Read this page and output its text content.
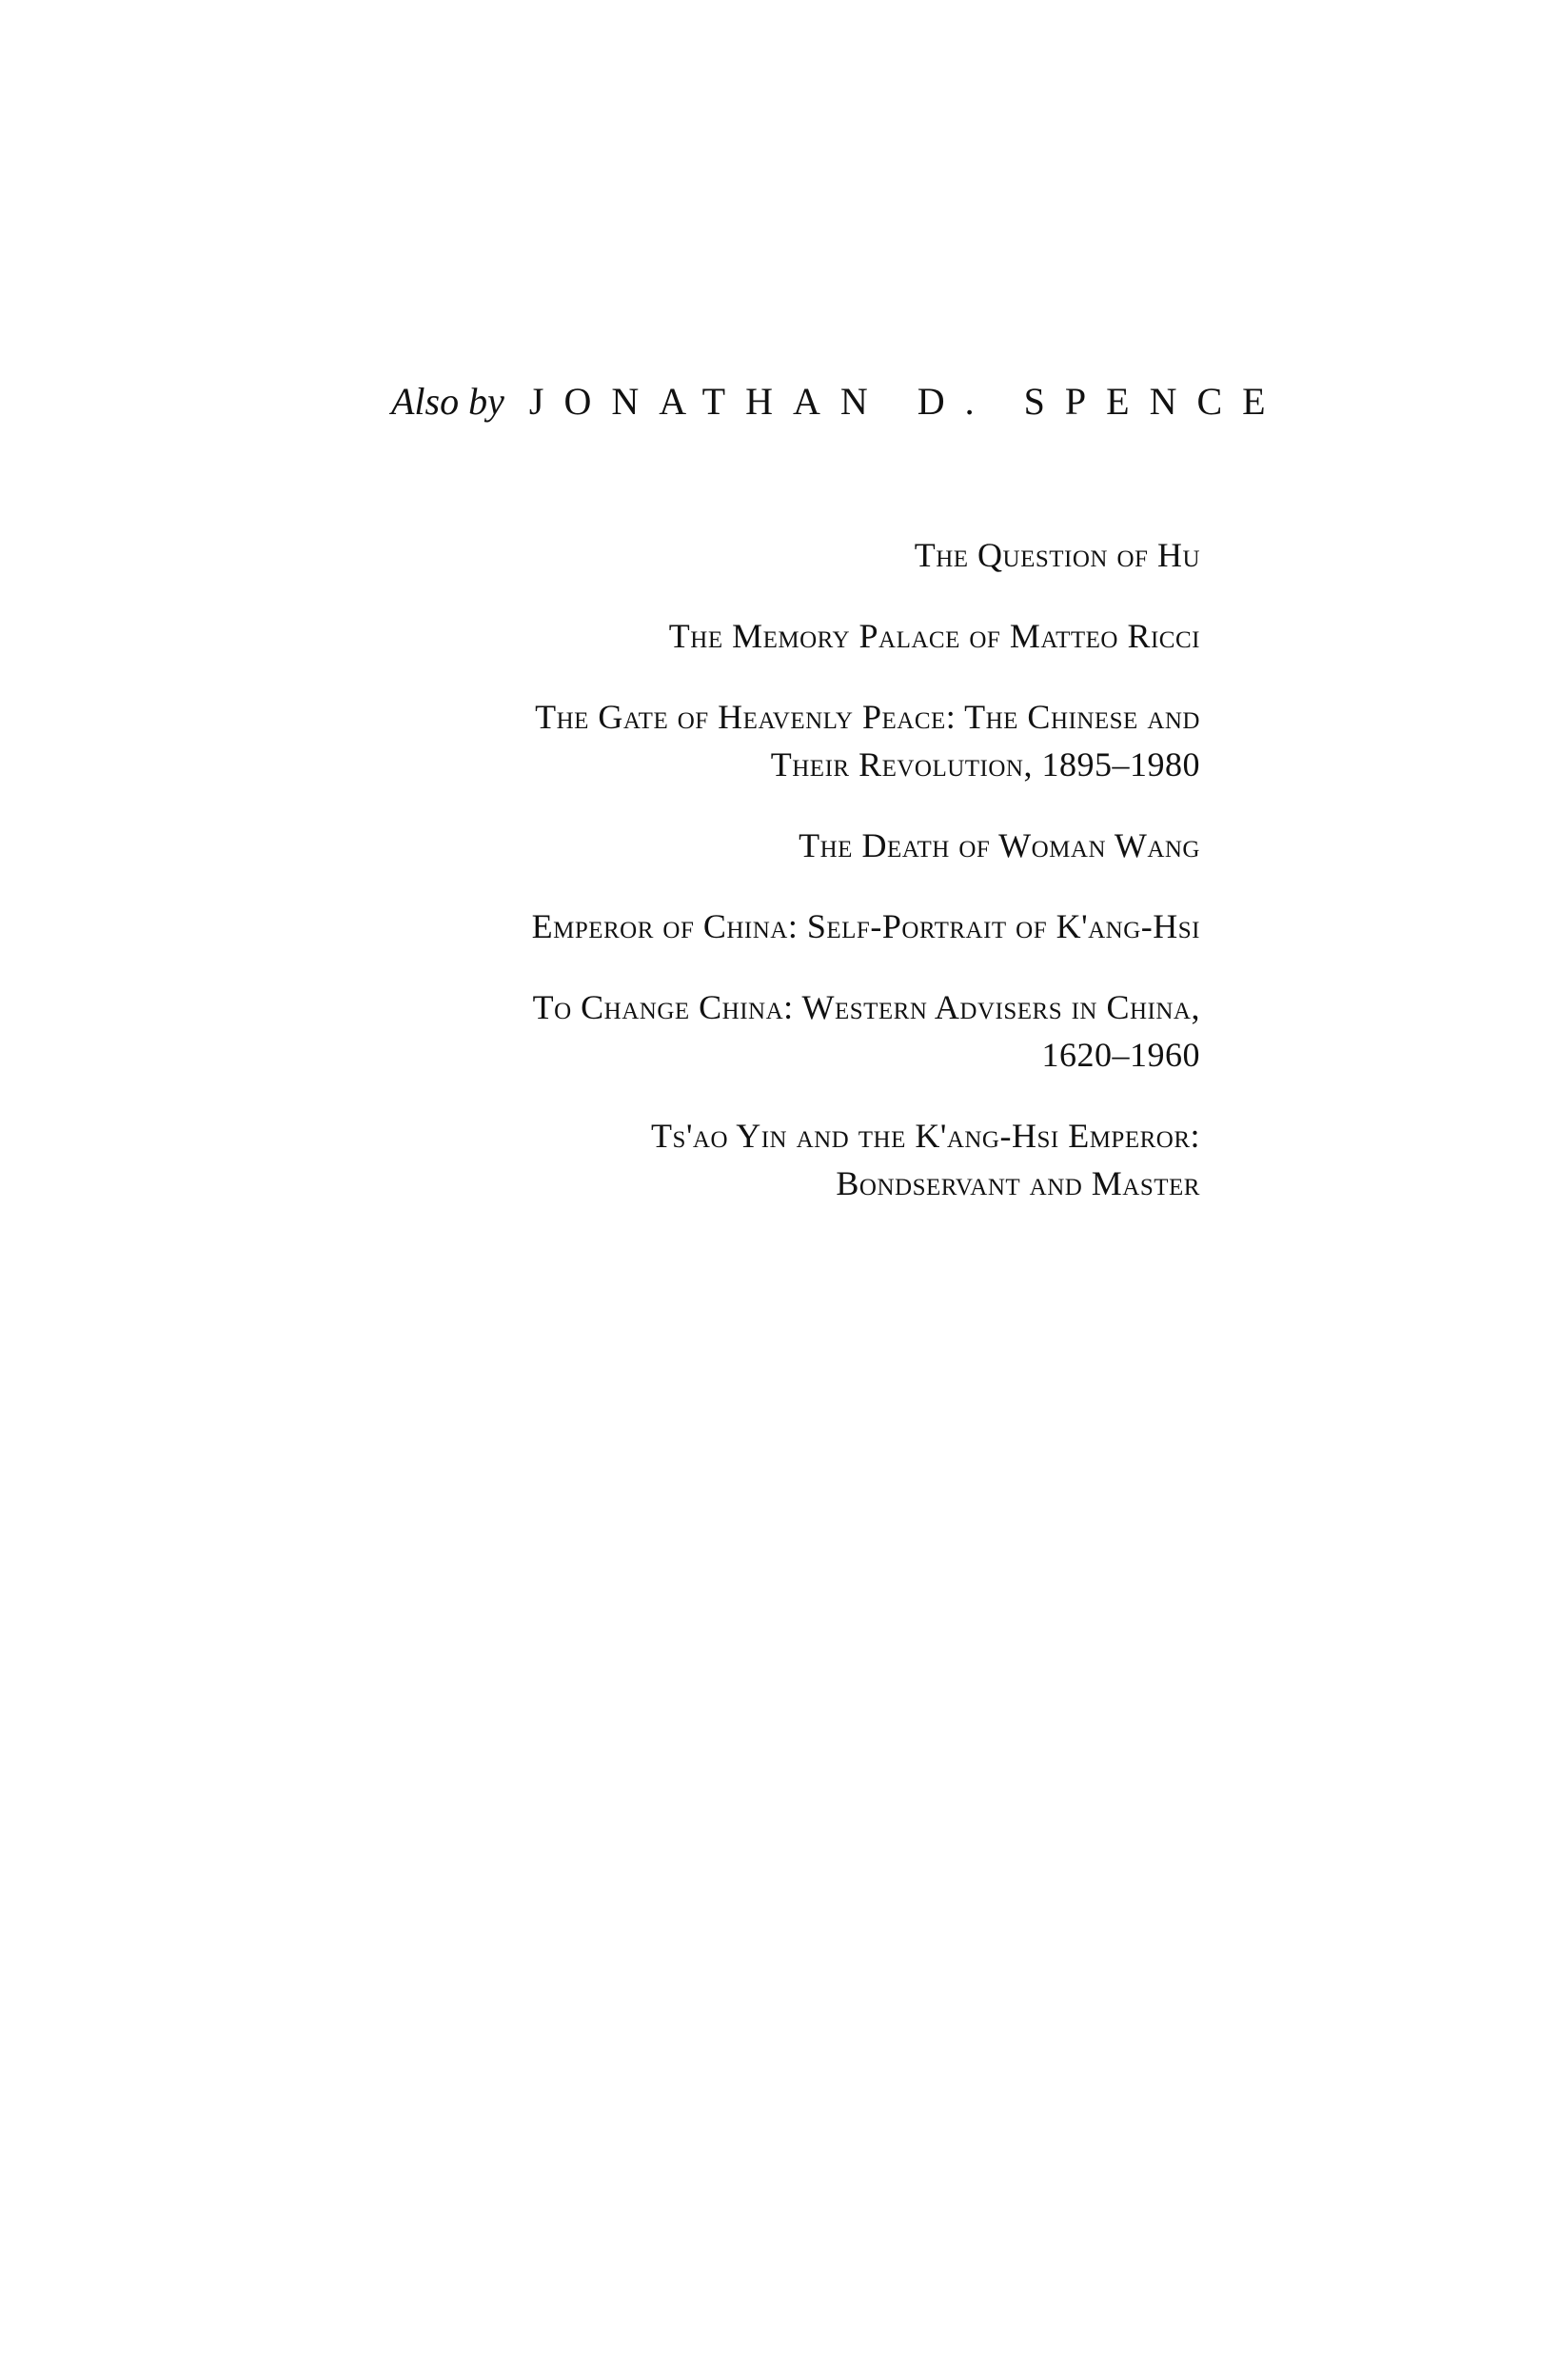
Also by JONATHAN D. SPENCE
The Question of Hu
The Memory Palace of Matteo Ricci
The Gate of Heavenly Peace: The Chinese and
Their Revolution, 1895–1980
The Death of Woman Wang
Emperor of China: Self-Portrait of K'ang-Hsi
To Change China: Western Advisers in China,
1620–1960
Ts'ao Yin and the K'ang-Hsi Emperor:
Bondservant and Master
